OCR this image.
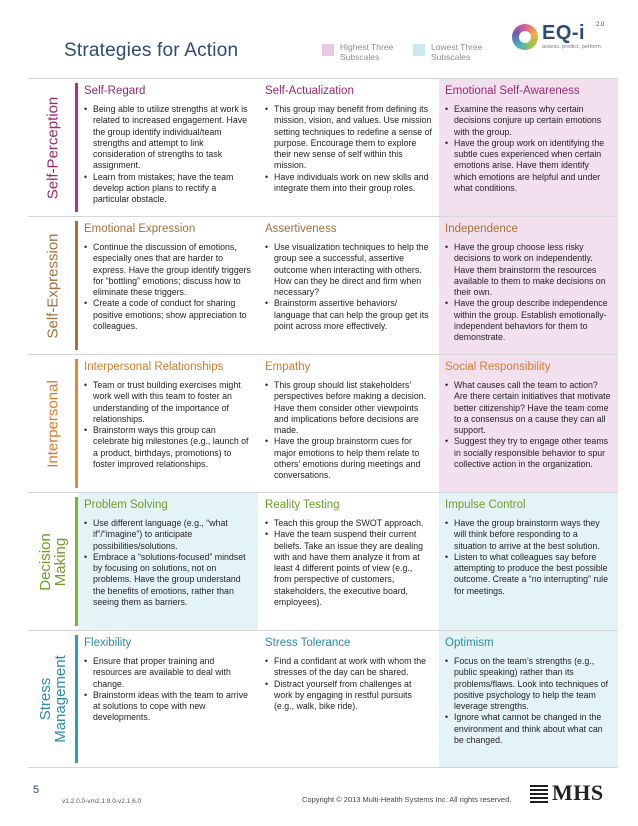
Strategies for Action	Highest Three Subscales
Lowest Three Subscales
EQ-i 2.0
assess. predict. perform.
Self-Perception
Self-Regard
• Being able to utilize strengths at work is related to increased engagement. Have the group identify individual/team strengths and attempt to link consideration of strengths to task assignment.
• Learn from mistakes; have the team develop action plans to rectify a particular obstacle.
Self-Actualization
• This group may benefit from defining its mission, vision, and values. Use mission setting techniques to redefine a sense of purpose. Encourage them to explore their new sense of self within this mission.
• Have individuals work on new skills and integrate them into their group roles.
Emotional Self-Awareness
• Examine the reasons why certain decisions conjure up certain emotions with the group.
• Have the group work on identifying the subtle cues experienced when certain emotions arise. Have them identify which emotions are helpful and under what conditions.
Self-Expression
Emotional Expression
• Continue the discussion of emotions, especially ones that are harder to express. Have the group identify triggers for “bottling” emotions; discuss how to eliminate these triggers.
• Create a code of conduct for sharing positive emotions; show appreciation to colleagues.
Assertiveness
• Use visualization techniques to help the group see a successful, assertive outcome when interacting with others. How can they be direct and firm when necessary?
• Brainstorm assertive behaviors/ language that can help the group get its point across more effectively.
Independence
• Have the group choose less risky decisions to work on independently. Have them brainstorm the resources available to them to make decisions on their own.
• Have the group describe independence within the group. Establish emotionally-independent behaviors for them to demonstrate.
Interpersonal
Interpersonal Relationships
• Team or trust building exercises might work well with this team to foster an understanding of the importance of relationships.
• Brainstorm ways this group can celebrate big milestones (e.g., launch of a product, birthdays, promotions) to foster improved relationships.
Empathy
• This group should list stakeholders’ perspectives before making a decision. Have them consider other viewpoints and implications before decisions are made.
• Have the group brainstorm cues for major emotions to help them relate to others’ emotions during meetings and conversations.
Social Responsibility
• What causes call the team to action? Are there certain initiatives that motivate better citizenship? Have the team come to a consensus on a cause they can all support.
• Suggest they try to engage other teams in socially responsible behavior to spur collective action in the organization.
Decision
Making
Problem Solving
• Use different language (e.g., “what if”/“imagine”) to anticipate possibilities/solutions.
• Embrace a “solutions-focused” mindset by focusing on solutions, not on problems. Have the group understand the benefits of emotions, rather than seeing them as barriers.
Reality Testing
• Teach this group the SWOT approach.
• Have the team suspend their current beliefs. Take an issue they are dealing with and have them analyze it from at least 4 different points of view (e.g., from perspective of customers, stakeholders, the executive board, employees).
Impulse Control
• Have the group brainstorm ways they will think before responding to a situation to arrive at the best solution.
• Listen to what colleagues say before attempting to produce the best possible outcome. Create a “no interrupting” rule for meetings.
Stress
Management
Flexibility
• Ensure that proper training and resources are available to deal with change.
• Brainstorm ideas with the team to arrive at solutions to cope with new developments.
Stress Tolerance
• Find a confidant at work with whom the stresses of the day can be shared.
• Distract yourself from challenges at work by engaging in restful pursuits (e.g., walk, bike ride).
Optimism
• Focus on the team’s strengths (e.g., public speaking) rather than its problems/flaws. Look into techniques of positive psychology to help the team leverage strengths.
• Ignore what cannot be changed in the environment and think about what can be changed.
5
v1.2.0.0-vm2.1.9.0-v2.1.6.0	Copyright © 2013 Multi-Health Systems Inc. All rights reserved. MHS
